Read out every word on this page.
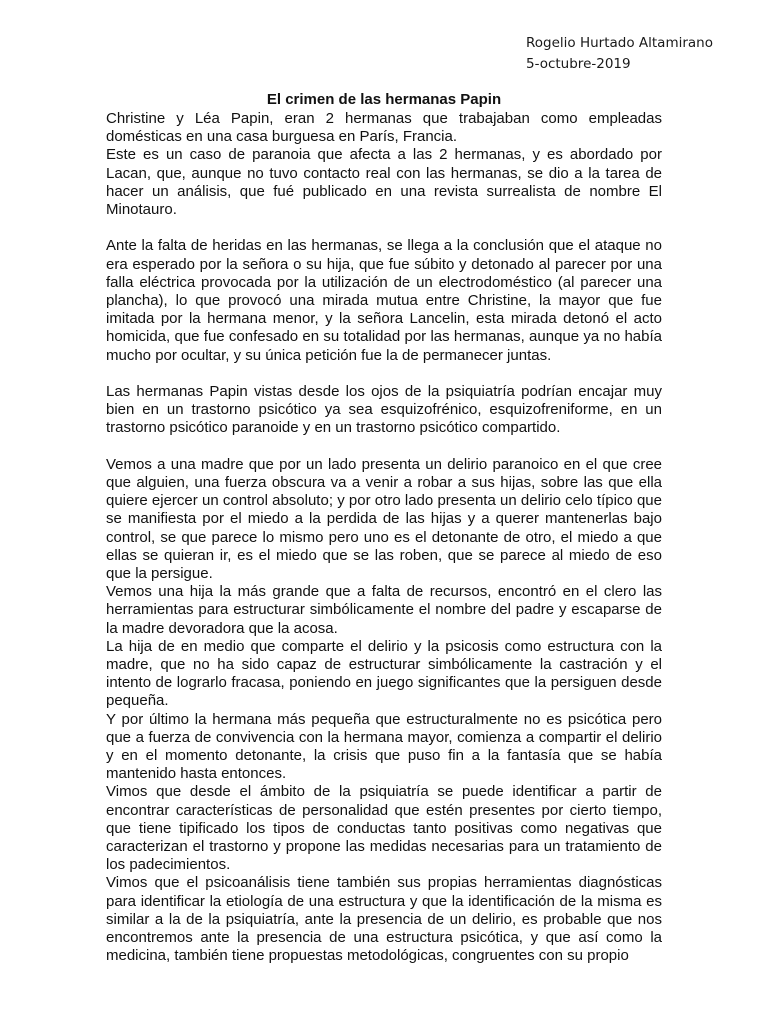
Rogelio Hurtado Altamirano
5-octubre-2019
El crimen de las hermanas Papin

Christine y Léa Papin, eran 2 hermanas que trabajaban como empleadas domésticas en una casa burguesa en París, Francia.

Este es un caso de paranoia que afecta a las 2 hermanas, y es abordado por Lacan, que, aunque no tuvo contacto real con las hermanas, se dio a la tarea de hacer un análisis, que fué publicado en una revista surrealista de nombre El Minotauro.

Ante la falta de heridas en las hermanas, se llega a la conclusión que el ataque no era esperado por la señora o su hija, que fue súbito y detonado al parecer por una falla eléctrica provocada por la utilización de un electrodoméstico (al parecer una plancha), lo que provocó una mirada mutua entre Christine, la mayor que fue imitada por la hermana menor, y la señora Lancelin, esta mirada detonó el acto homicida, que fue confesado en su totalidad por las hermanas, aunque ya no había mucho por ocultar, y su única petición fue la de permanecer juntas.

Las hermanas Papin vistas desde los ojos de la psiquiatría podrían encajar muy bien en un trastorno psicótico ya sea esquizofrénico, esquizofreniforme, en un trastorno psicótico paranoide y en un trastorno psicótico compartido.

Vemos a una madre que por un lado presenta un delirio paranoico en el que cree que alguien, una fuerza obscura va a venir a robar a sus hijas, sobre las que ella quiere ejercer un control absoluto; y por otro lado presenta un delirio celo típico que se manifiesta por el miedo a la perdida de las hijas y a querer mantenerlas bajo control, se que parece lo mismo pero uno es el detonante de otro, el miedo a que ellas se quieran ir, es el miedo que se las roben, que se parece al miedo de eso que la persigue.

Vemos una hija la más grande que a falta de recursos, encontró en el clero las herramientas para estructurar simbólicamente el nombre del padre y escaparse de la madre devoradora que la acosa.

La hija de en medio que comparte el delirio y la psicosis como estructura con la madre, que no ha sido capaz de estructurar simbólicamente la castración y el intento de lograrlo fracasa, poniendo en juego significantes que la persiguen desde pequeña.

Y por último la hermana más pequeña que estructuralmente no es psicótica pero que a fuerza de convivencia con la hermana mayor, comienza a compartir el delirio y en el momento detonante, la crisis que puso fin a la fantasía que se había mantenido hasta entonces.

Vimos que desde el ámbito de la psiquiatría se puede identificar a partir de encontrar características de personalidad que estén presentes por cierto tiempo, que tiene tipificado los tipos de conductas tanto positivas como negativas que caracterizan el trastorno y propone las medidas necesarias para un tratamiento de los padecimientos.

Vimos que el psicoanálisis tiene también sus propias herramientas diagnósticas para identificar la etiología de una estructura y que la identificación de la misma es similar a la de la psiquiatría, ante la presencia de un delirio, es probable que nos encontremos ante la presencia de una estructura psicótica, y que así como la medicina, también tiene propuestas metodológicas, congruentes con su propio
